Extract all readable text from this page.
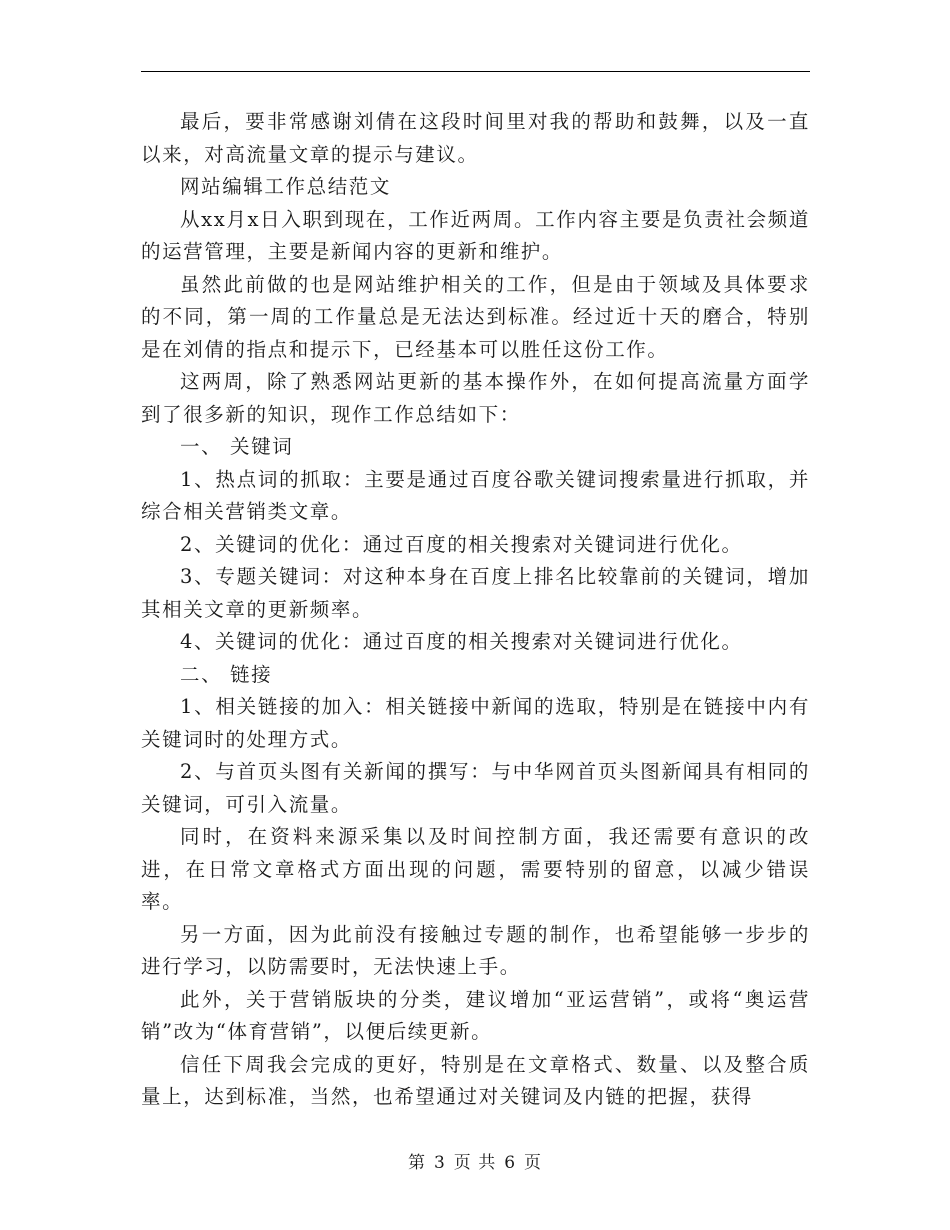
最后，要非常感谢刘倩在这段时间里对我的帮助和鼓舞，以及一直以来，对高流量文章的提示与建议。

网站编辑工作总结范文

从xx月x日入职到现在，工作近两周。工作内容主要是负责社会频道的运营管理，主要是新闻内容的更新和维护。

虽然此前做的也是网站维护相关的工作，但是由于领域及具体要求的不同，第一周的工作量总是无法达到标准。经过近十天的磨合，特别是在刘倩的指点和提示下，已经基本可以胜任这份工作。

这两周，除了熟悉网站更新的基本操作外，在如何提高流量方面学到了很多新的知识，现作工作总结如下：

一、 关键词

1、热点词的抓取：主要是通过百度谷歌关键词搜索量进行抓取，并综合相关营销类文章。

2、关键词的优化：通过百度的相关搜索对关键词进行优化。

3、专题关键词：对这种本身在百度上排名比较靠前的关键词，增加其相关文章的更新频率。

4、关键词的优化：通过百度的相关搜索对关键词进行优化。

二、 链接

1、相关链接的加入：相关链接中新闻的选取，特别是在链接中内有关键词时的处理方式。

2、与首页头图有关新闻的撰写：与中华网首页头图新闻具有相同的关键词，可引入流量。

同时，在资料来源采集以及时间控制方面，我还需要有意识的改进，在日常文章格式方面出现的问题，需要特别的留意，以减少错误率。

另一方面，因为此前没有接触过专题的制作，也希望能够一步步的进行学习，以防需要时，无法快速上手。

此外，关于营销版块的分类，建议增加“亚运营销”，或将“奥运营销”改为“体育营销”，以便后续更新。

信任下周我会完成的更好，特别是在文章格式、数量、以及整合质量上，达到标准，当然，也希望通过对关键词及内链的把握，获得

第 3 页 共 6 页
